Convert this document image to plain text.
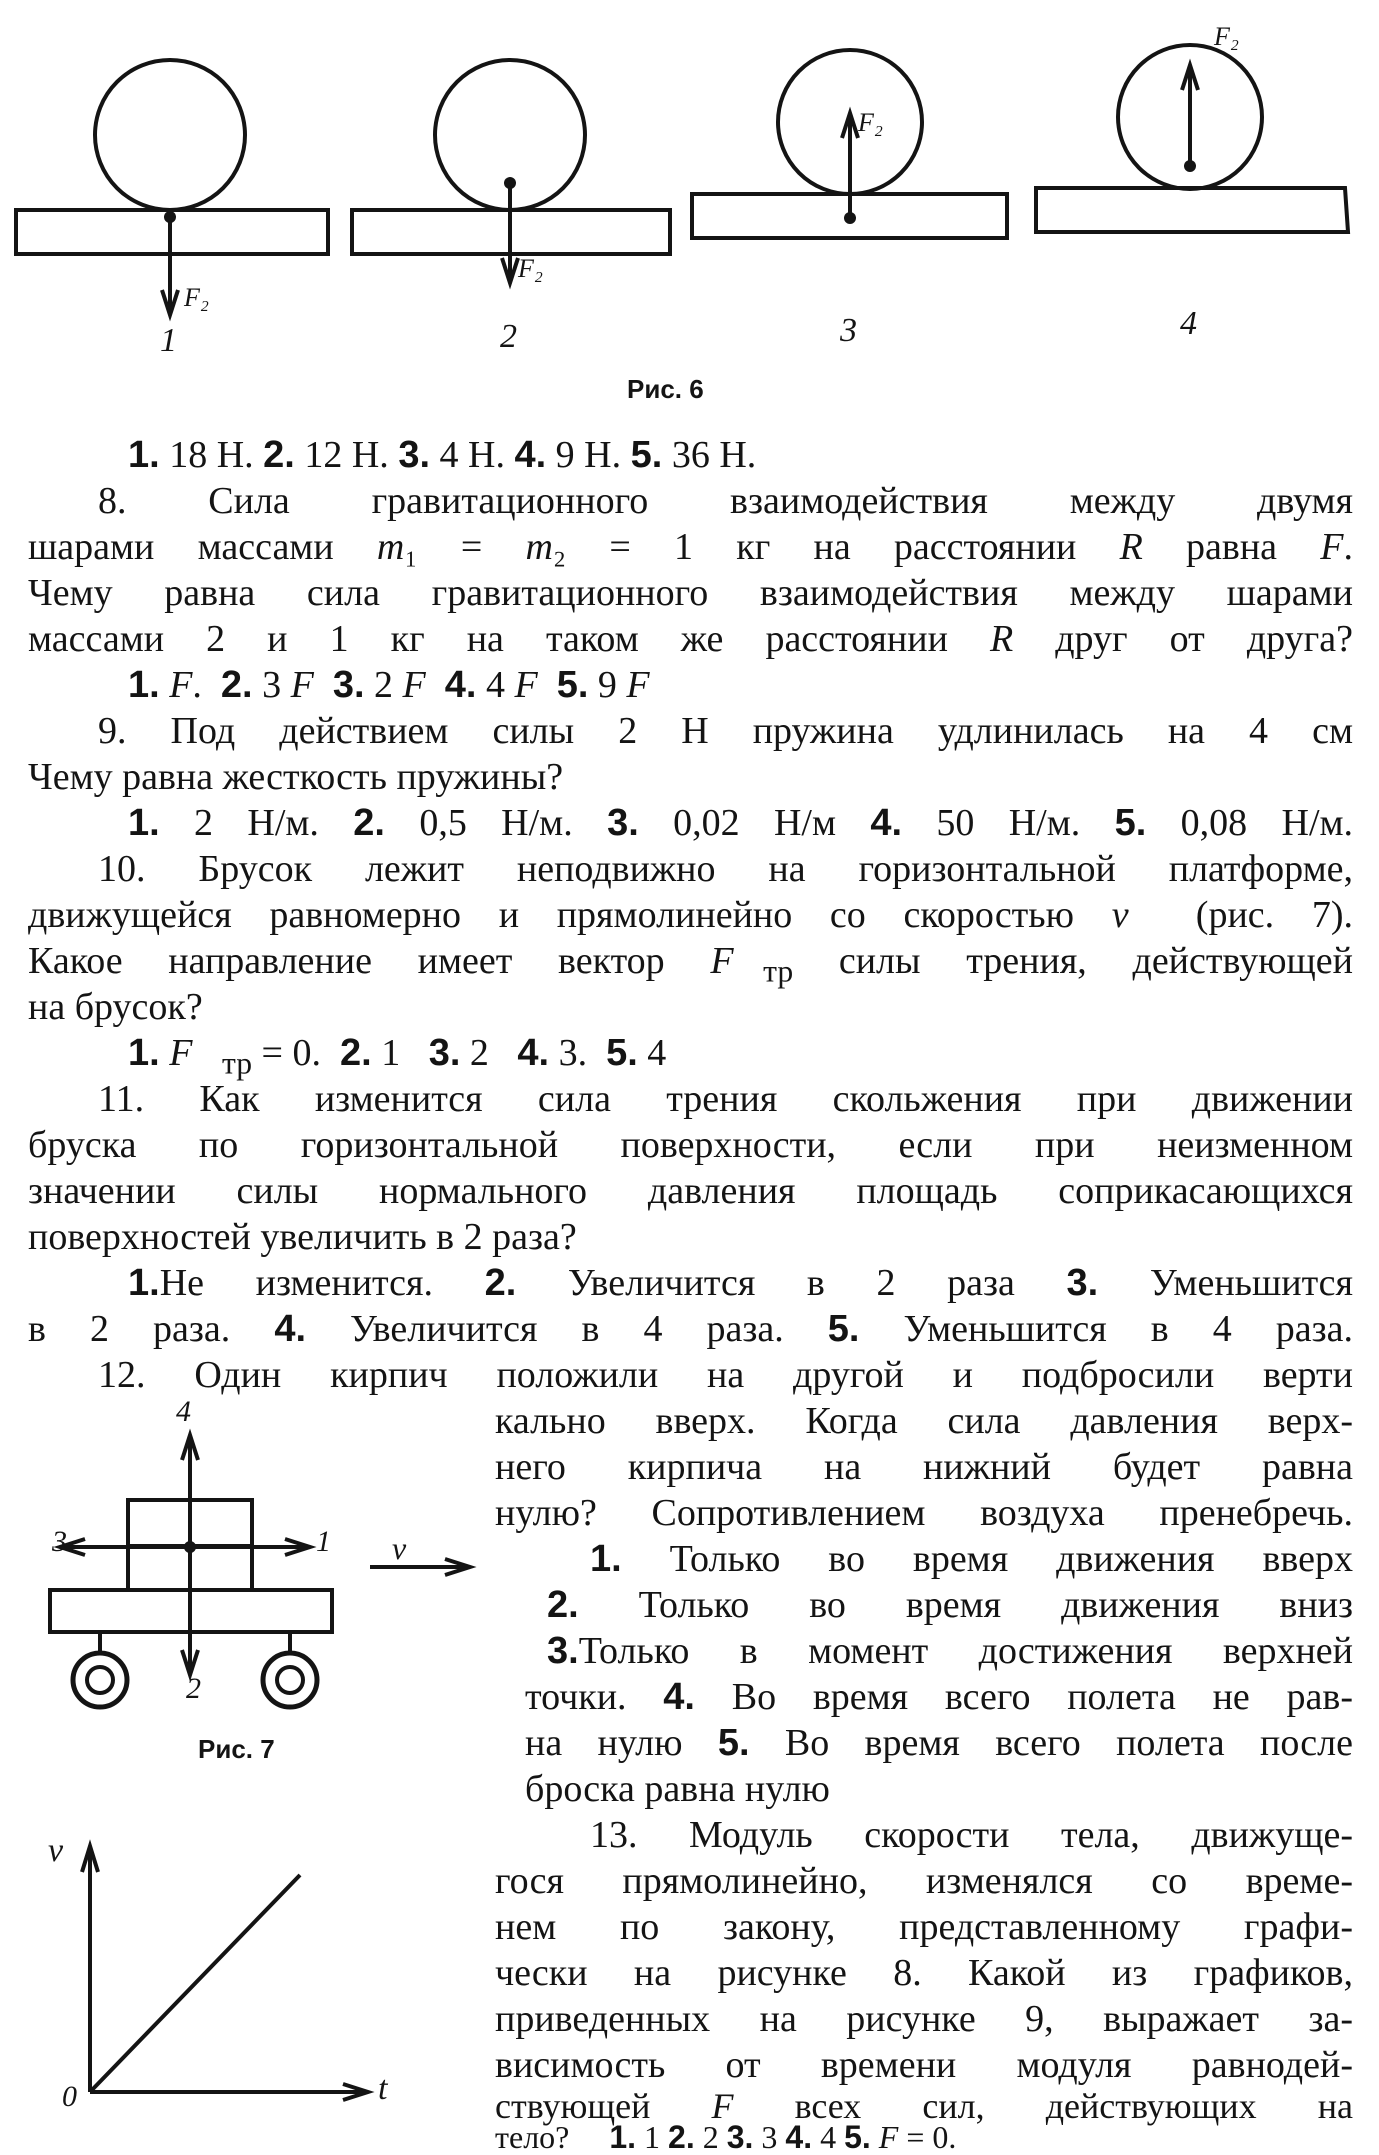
F₂
F₂
F₂
F₂
1	2	3	4
Рис. 6
1. 18 Н. 2. 12 Н. 3. 4 Н. 4. 9 Н. 5. 36 Н.
8. Сила гравитационного взаимодействия между двумя
шарами массами m₁ = m₂ = 1 кг на расстоянии R равна F.
Чему равна сила гравитационного взаимодействия между шарами
массами 2 и 1 кг на таком же расстоянии R друг от друга?
1. F.  2. 3 F 3. 2 F 4. 4 F 5. 9 F
9. Под действием силы 2 Н пружина удлинилась на 4 см
Чему равна жесткость пружины?
1. 2 Н/м. 2. 0,5 Н/м. 3. 0,02 Н/м 4. 50 Н/м. 5. 0,08 Н/м.
10. Брусок лежит неподвижно на горизонтальной платформе,
движущейся равномерно и прямолинейно со скоростью v⃗ (рис. 7).
Какое направление имеет вектор $F⃗_{тр}$ силы трения, действующей
на брусок?
1. $F⃗_{тр} = 0$.  2. 1   3. 2   4. 3.  5. 4
11. Как изменится сила трения скольжения при движении
бруска по горизонтальной поверхности, если при неизменном
значении силы нормального давления площадь соприкасающихся
поверхностей увеличить в 2 раза?
1.Не изменится. 2. Увеличится в 2 раза 3. Уменьшится
в 2 раза. 4. Увеличится в 4 раза. 5. Уменьшится в 4 раза.
12. Один кирпич положили на другой и подбросили верти
кально вверх. Когда сила давления верх-
него кирпича на нижний будет равна
нулю? Сопротивлением воздуха пренебречь.
1. Только во время движения вверх
2. Только во время движения вниз
3.Только в момент достижения верхней
точки. 4. Во время всего полета не рав-
на нулю 5. Во время всего полета после
броска равна нулю
13. Модуль скорости тела, движуще-
гося прямолинейно, изменялся со време-
нем по закону, представленному графи-
чески на рисунке 8. Какой из графиков,
приведенных на рисунке 9, выражает за-
висимость от времени модуля равнодей-
ствующей F всех сил, действующих на
тело?     1. 1 2. 2 3. 3 4. 4 5. F = 0.
4
3	1
2
v⃗
Рис. 7
v
t
0
